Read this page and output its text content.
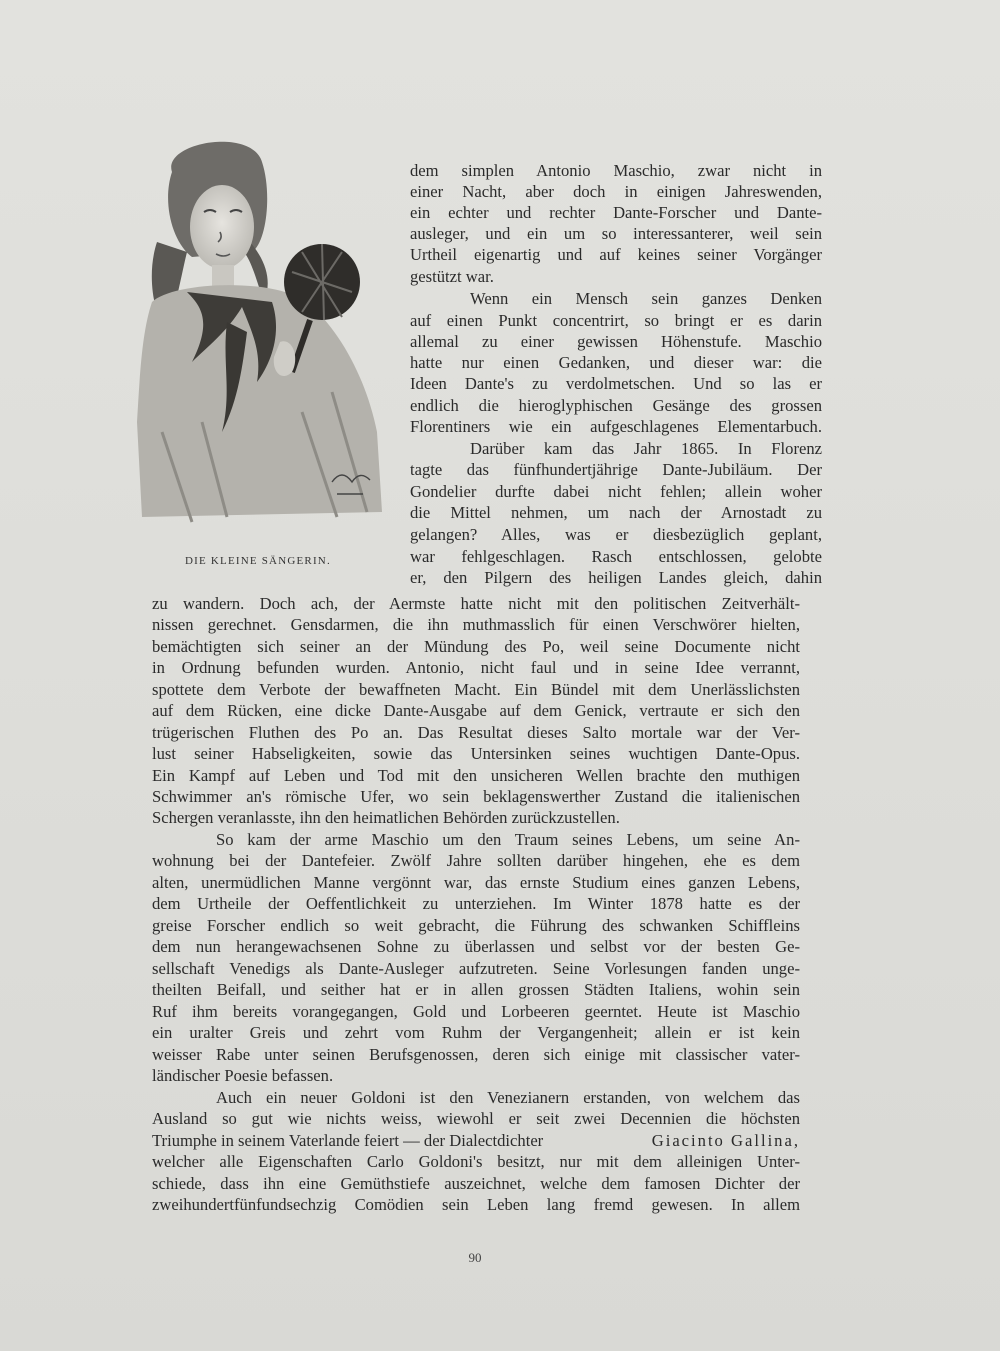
DIE KLEINE SÄNGERIN.
dem simplen Antonio Maschio, zwar nicht in
einer Nacht, aber doch in einigen Jahreswenden,
ein echter und rechter Dante-Forscher und Dante-
ausleger, und ein um so interessanterer, weil sein
Urtheil eigenartig und auf keines seiner Vorgänger
gestützt war.
Wenn ein Mensch sein ganzes Denken
auf einen Punkt concentrirt, so bringt er es darin
allemal zu einer gewissen Höhenstufe. Maschio
hatte nur einen Gedanken, und dieser war: die
Ideen Dante's zu verdolmetschen. Und so las er
endlich die hieroglyphischen Gesänge des grossen
Florentiners wie ein aufgeschlagenes Elementarbuch.
Darüber kam das Jahr 1865. In Florenz
tagte das fünfhundertjährige Dante-Jubiläum. Der
Gondelier durfte dabei nicht fehlen; allein woher
die Mittel nehmen, um nach der Arnostadt zu
gelangen? Alles, was er diesbezüglich geplant,
war fehlgeschlagen. Rasch entschlossen, gelobte
er, den Pilgern des heiligen Landes gleich, dahin
zu wandern. Doch ach, der Aermste hatte nicht mit den politischen Zeitverhält-
nissen gerechnet. Gensdarmen, die ihn muthmasslich für einen Verschwörer hielten,
bemächtigten sich seiner an der Mündung des Po, weil seine Documente nicht
in Ordnung befunden wurden. Antonio, nicht faul und in seine Idee verrannt,
spottete dem Verbote der bewaffneten Macht. Ein Bündel mit dem Unerlässlichsten
auf dem Rücken, eine dicke Dante-Ausgabe auf dem Genick, vertraute er sich den
trügerischen Fluthen des Po an. Das Resultat dieses Salto mortale war der Ver-
lust seiner Habseligkeiten, sowie das Untersinken seines wuchtigen Dante-Opus.
Ein Kampf auf Leben und Tod mit den unsicheren Wellen brachte den muthigen
Schwimmer an's römische Ufer, wo sein beklagenswerther Zustand die italienischen
Schergen veranlasste, ihn den heimatlichen Behörden zurückzustellen.
So kam der arme Maschio um den Traum seines Lebens, um seine An-
wohnung bei der Dantefeier. Zwölf Jahre sollten darüber hingehen, ehe es dem
alten, unermüdlichen Manne vergönnt war, das ernste Studium eines ganzen Lebens,
dem Urtheile der Oeffentlichkeit zu unterziehen. Im Winter 1878 hatte es der
greise Forscher endlich so weit gebracht, die Führung des schwanken Schiffleins
dem nun herangewachsenen Sohne zu überlassen und selbst vor der besten Ge-
sellschaft Venedigs als Dante-Ausleger aufzutreten. Seine Vorlesungen fanden unge-
theilten Beifall, und seither hat er in allen grossen Städten Italiens, wohin sein
Ruf ihm bereits vorangegangen, Gold und Lorbeeren geerntet. Heute ist Maschio
ein uralter Greis und zehrt vom Ruhm der Vergangenheit; allein er ist kein
weisser Rabe unter seinen Berufsgenossen, deren sich einige mit classischer vater-
ländischer Poesie befassen.
Auch ein neuer Goldoni ist den Venezianern erstanden, von welchem das
Ausland so gut wie nichts weiss, wiewohl er seit zwei Decennien die höchsten
Triumphe in seinem Vaterlande feiert — der Dialectdichter	Giacinto Gallina,
welcher alle Eigenschaften Carlo Goldoni's besitzt, nur mit dem alleinigen Unter-
schiede, dass ihn eine Gemüthstiefe auszeichnet, welche dem famosen Dichter der
zweihundertfünfundsechzig Comödien sein Leben lang fremd gewesen. In allem
90
